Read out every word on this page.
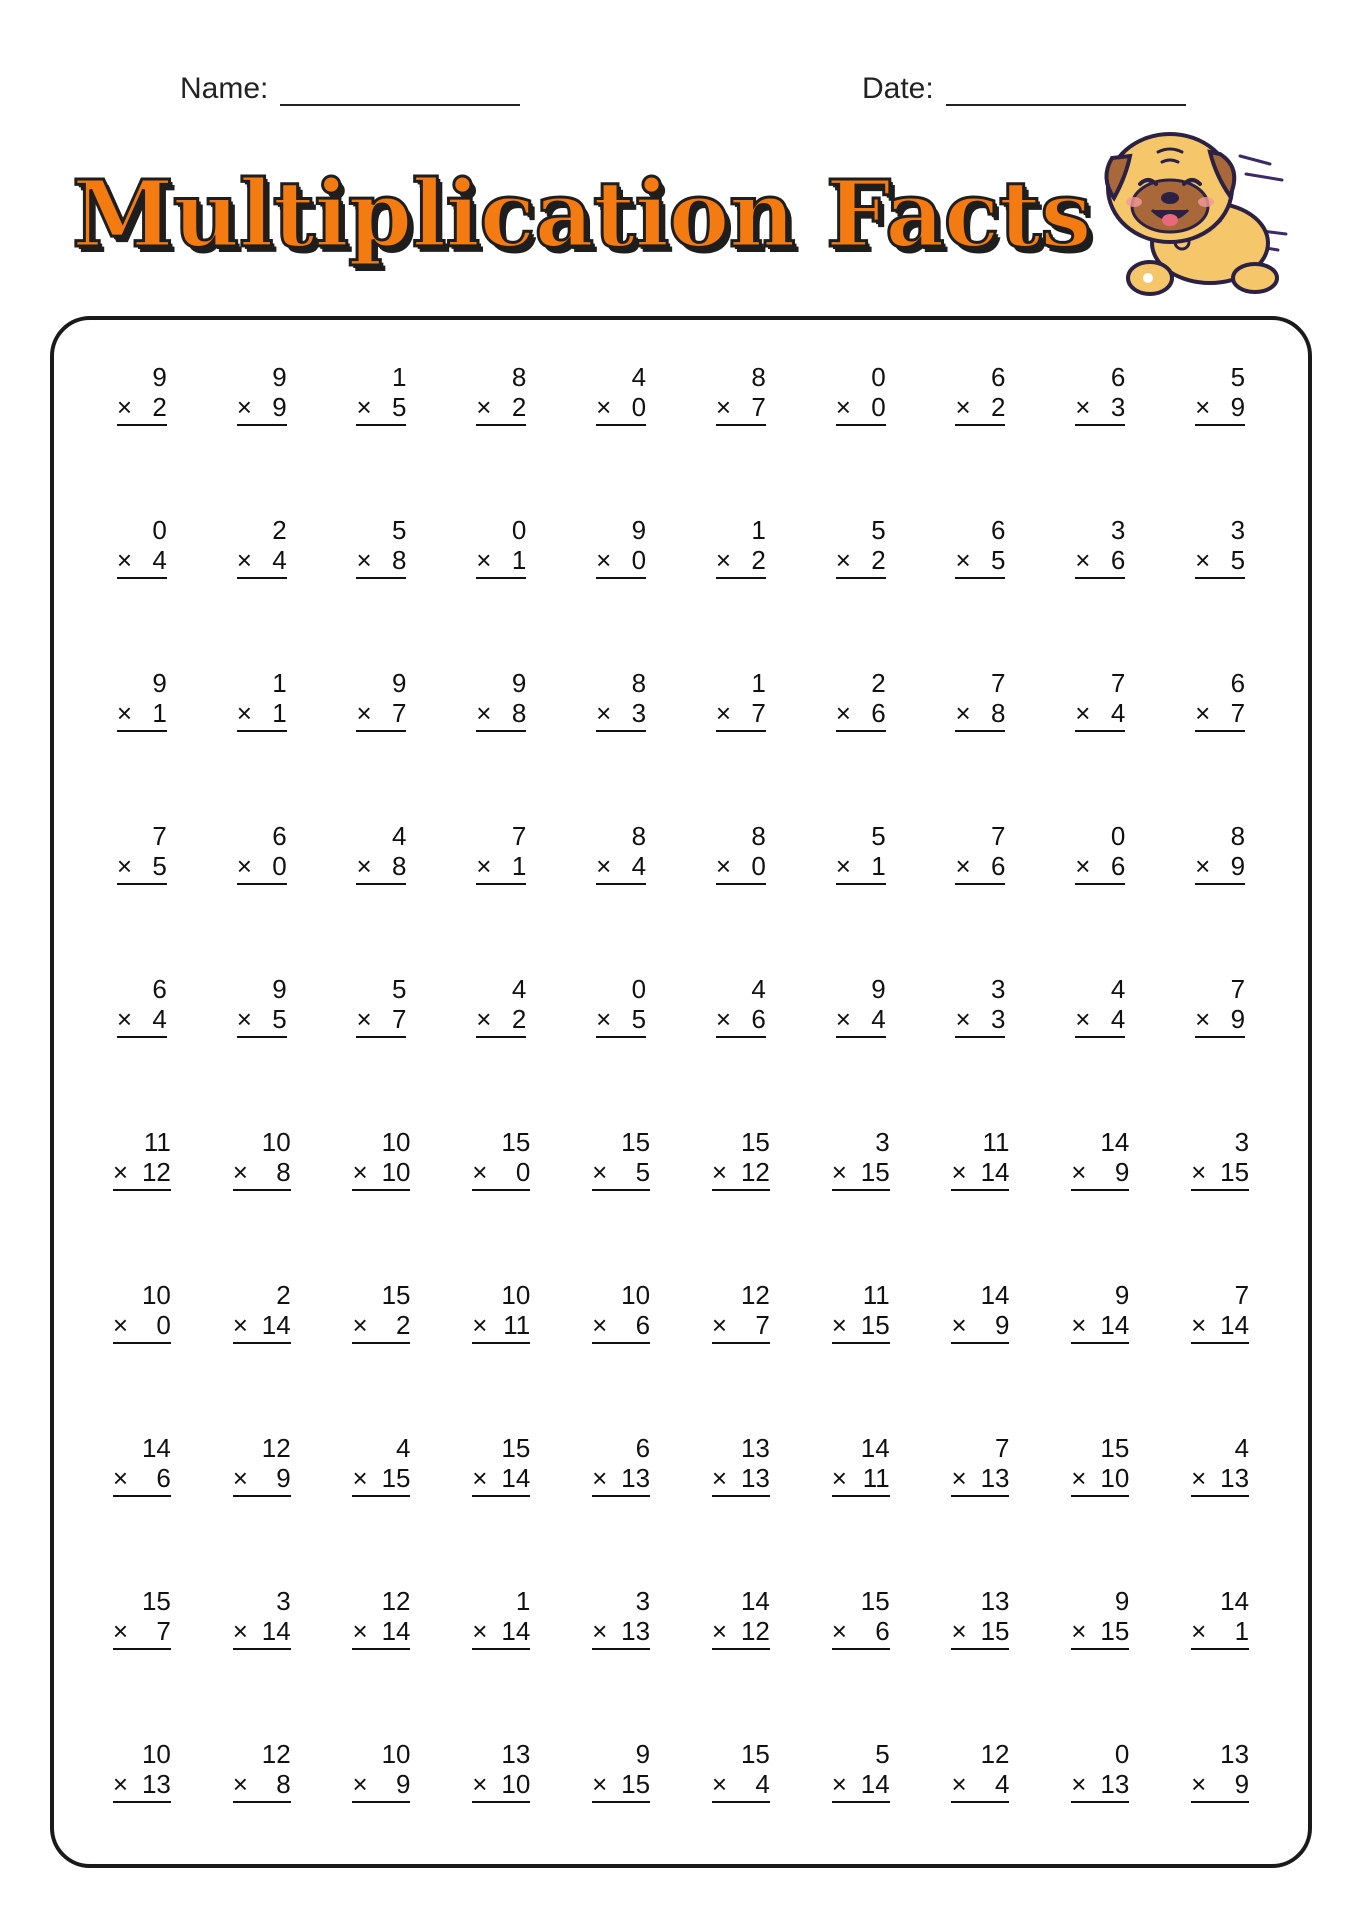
Name:	Date:
Multiplication Facts
9
× 2
9
× 9
1
× 5
8
× 2
4
× 0
8
× 7
0
× 0
6
× 2
6
× 3
5
× 9
0
× 4
2
× 4
5
× 8
0
× 1
9
× 0
1
× 2
5
× 2
6
× 5
3
× 6
3
× 5
9
× 1
1
× 1
9
× 7
9
× 8
8
× 3
1
× 7
2
× 6
7
× 8
7
× 4
6
× 7
7
× 5
6
× 0
4
× 8
7
× 1
8
× 4
8
× 0
5
× 1
7
× 6
0
× 6
8
× 9
6
× 4
9
× 5
5
× 7
4
× 2
0
× 5
4
× 6
9
× 4
3
× 3
4
× 4
7
× 9
11
× 12
10
× 8
10
× 10
15
× 0
15
× 5
15
× 12
3
× 15
11
× 14
14
× 9
3
× 15
10
× 0
2
× 14
15
× 2
10
× 11
10
× 6
12
× 7
11
× 15
14
× 9
9
× 14
7
× 14
14
× 6
12
× 9
4
× 15
15
× 14
6
× 13
13
× 13
14
× 11
7
× 13
15
× 10
4
× 13
15
× 7
3
× 14
12
× 14
1
× 14
3
× 13
14
× 12
15
× 6
13
× 15
9
× 15
14
× 1
10
× 13
12
× 8
10
× 9
13
× 10
9
× 15
15
× 4
5
× 14
12
× 4
0
× 13
13
× 9
